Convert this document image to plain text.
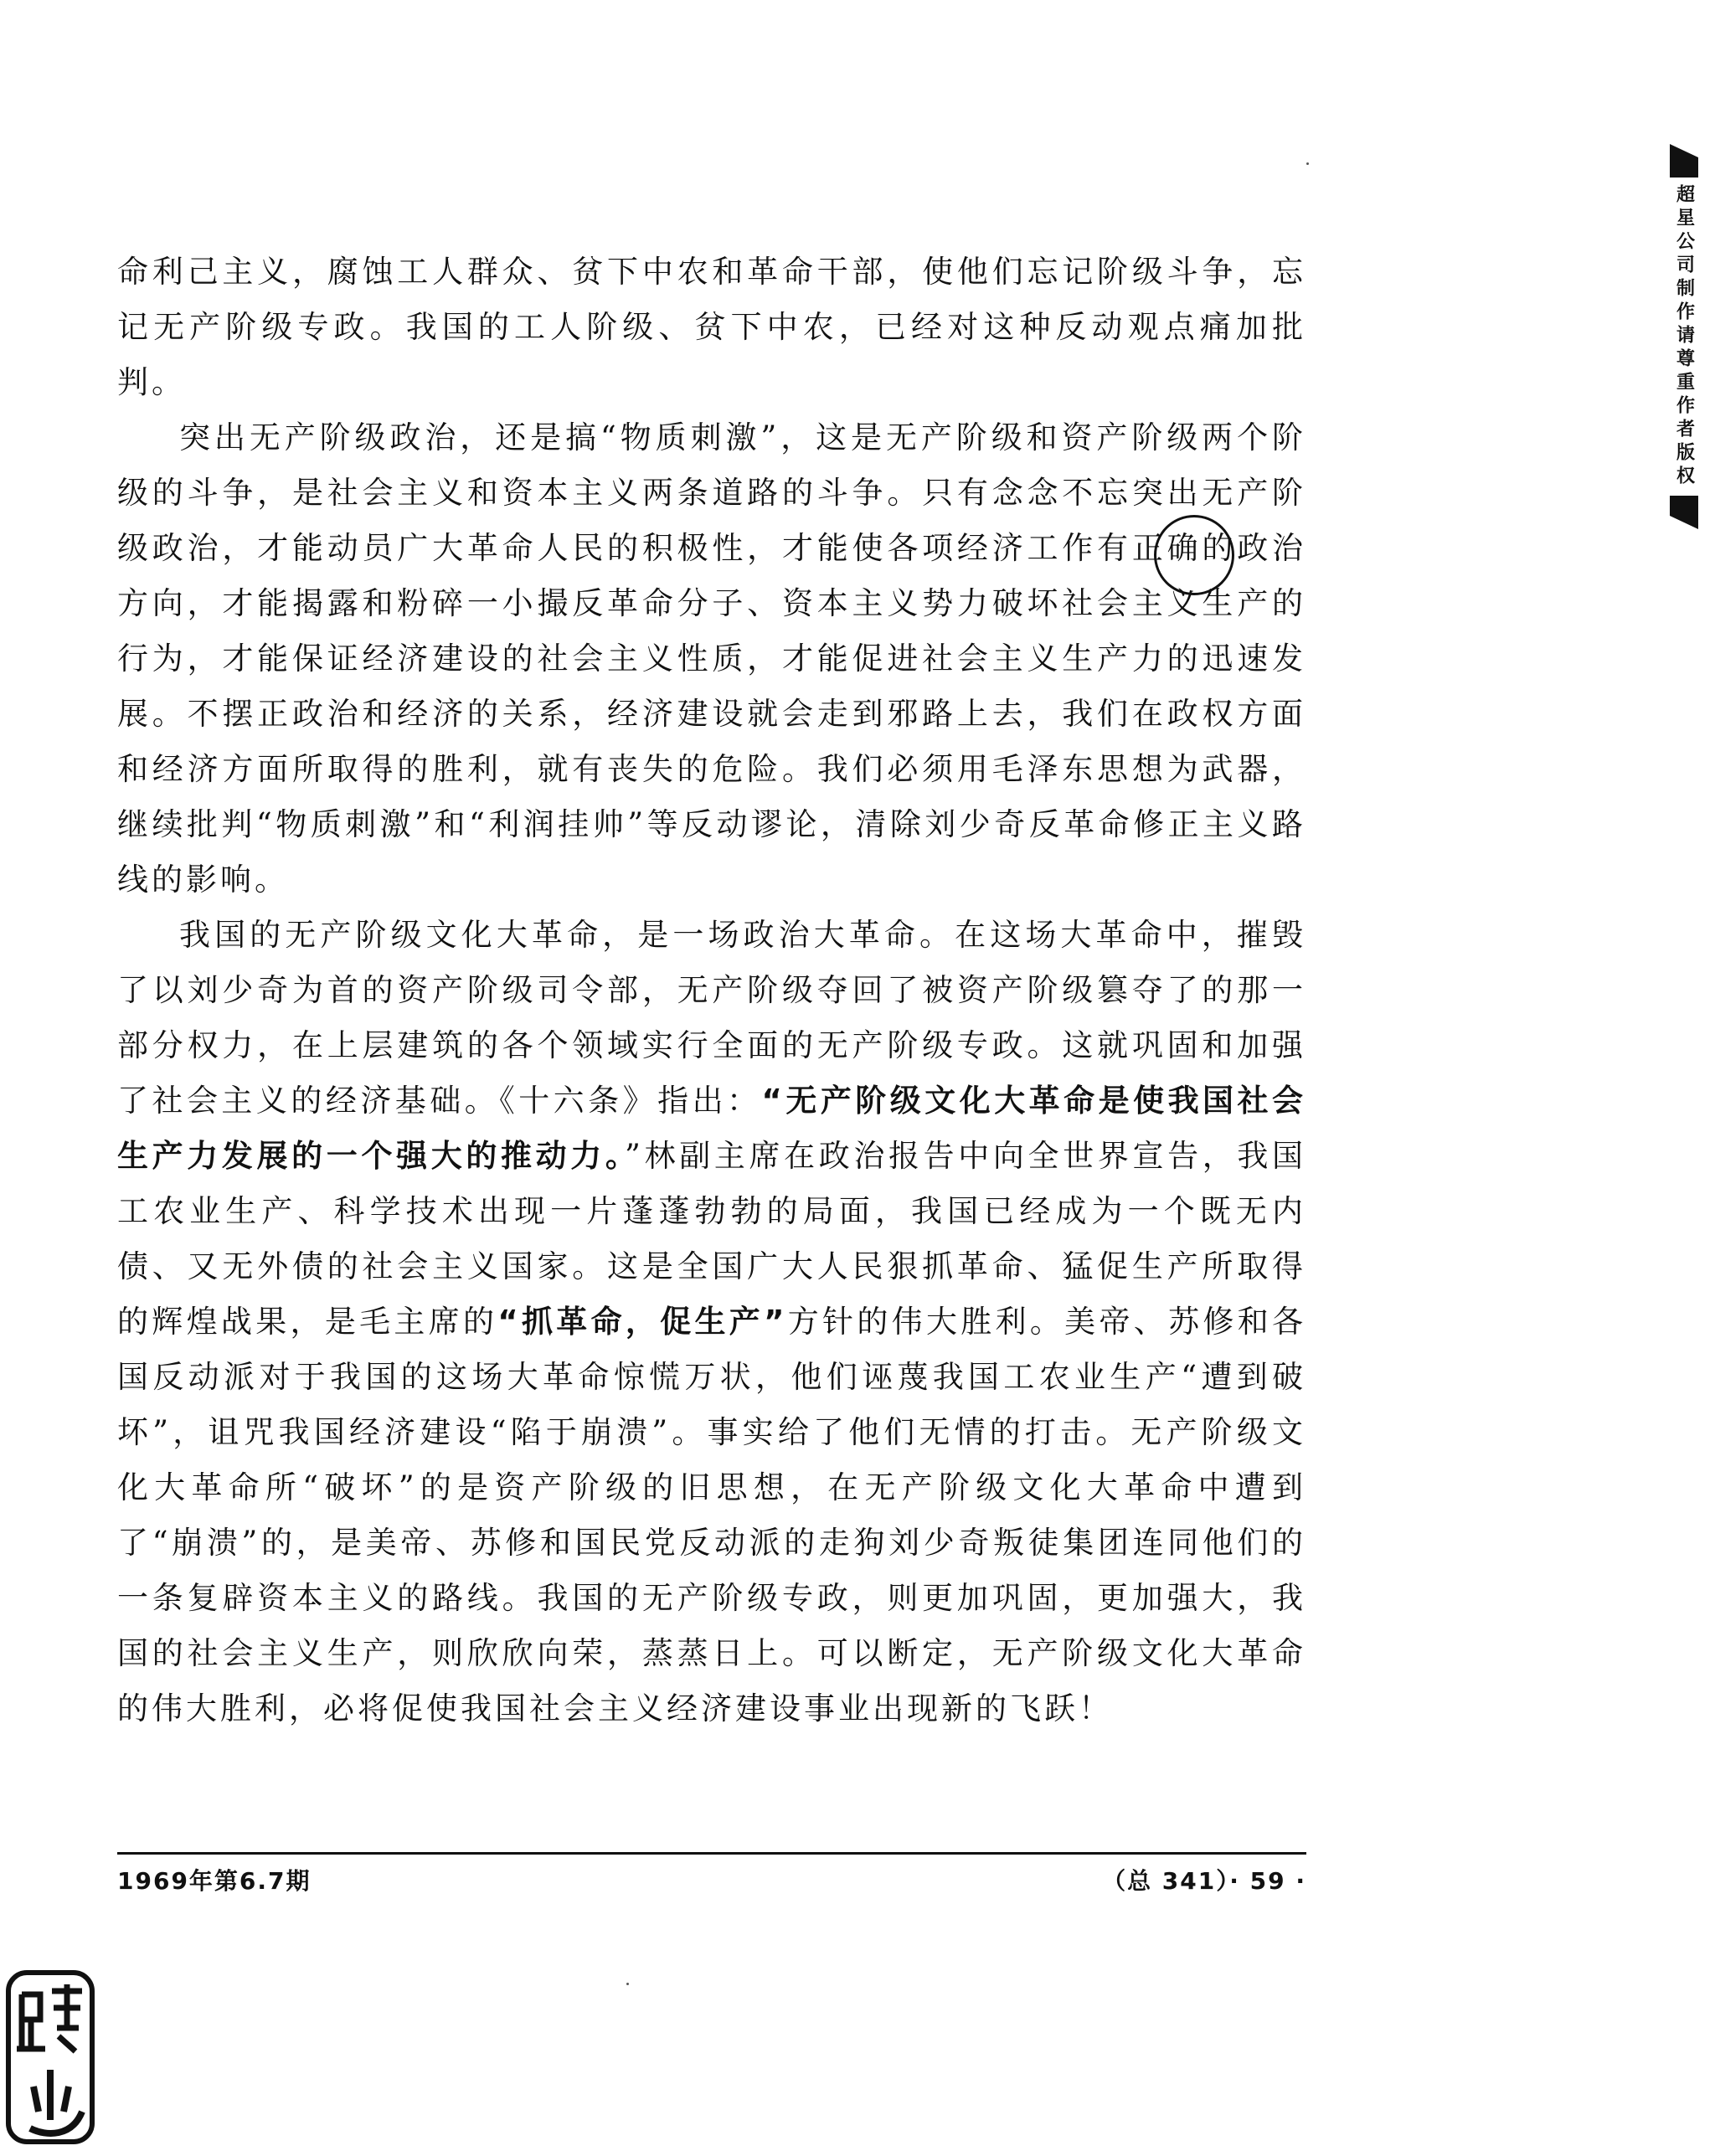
超星公司制作请尊重作者版权

命利己主义，腐蚀工人群众、贫下中农和革命干部，使他们忘记阶级斗争，忘记无产阶级专政。我国的工人阶级、贫下中农，已经对这种反动观点痛加批判。

突出无产阶级政治，还是搞“物质刺激”，这是无产阶级和资产阶级两个阶级的斗争，是社会主义和资本主义两条道路的斗争。只有念念不忘突出无产阶级政治，才能动员广大革命人民的积极性，才能使各项经济工作有正确的政治方向，才能揭露和粉碎一小撮反革命分子、资本主义势力破坏社会主义生产的行为，才能保证经济建设的社会主义性质，才能促进社会主义生产力的迅速发展。不摆正政治和经济的关系，经济建设就会走到邪路上去，我们在政权方面和经济方面所取得的胜利，就有丧失的危险。我们必须用毛泽东思想为武器，继续批判“物质刺激”和“利润挂帅”等反动谬论，清除刘少奇反革命修正主义路线的影响。

我国的无产阶级文化大革命，是一场政治大革命。在这场大革命中，摧毁了以刘少奇为首的资产阶级司令部，无产阶级夺回了被资产阶级篡夺了的那一部分权力，在上层建筑的各个领域实行全面的无产阶级专政。这就巩固和加强了社会主义的经济基础。《十六条》指出：“无产阶级文化大革命是使我国社会生产力发展的一个强大的推动力。”林副主席在政治报告中向全世界宣告，我国工农业生产、科学技术出现一片蓬蓬勃勃的局面，我国已经成为一个既无内债、又无外债的社会主义国家。这是全国广大人民狠抓革命、猛促生产所取得的辉煌战果，是毛主席的“抓革命，促生产”方针的伟大胜利。美帝、苏修和各国反动派对于我国的这场大革命惊慌万状，他们诬蔑我国工农业生产“遭到破坏”，诅咒我国经济建设“陷于崩溃”。事实给了他们无情的打击。无产阶级文化大革命所“破坏”的是资产阶级的旧思想，在无产阶级文化大革命中遭到了“崩溃”的，是美帝、苏修和国民党反动派的走狗刘少奇叛徒集团连同他们的一条复辟资本主义的路线。我国的无产阶级专政，则更加巩固，更加强大，我国的社会主义生产，则欣欣向荣，蒸蒸日上。可以断定，无产阶级文化大革命的伟大胜利，必将促使我国社会主义经济建设事业出现新的飞跃！

1969年第6.7期	（总 341）· 59 ·
